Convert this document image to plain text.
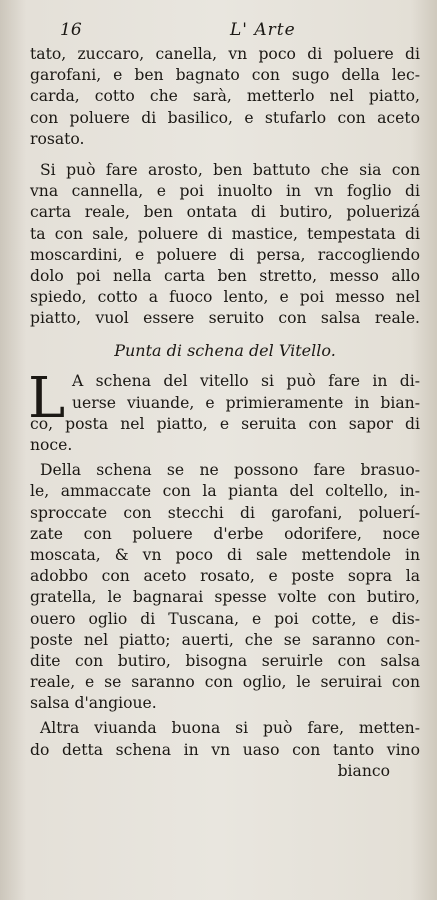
16	L' Arte
tato, zuccaro, canella, vn poco di poluere di
garofani, e ben bagnato con sugo della lec-
carda, cotto che sarà, metterlo nel piatto,
con poluere di basilico, e stufarlo con aceto
rosato.
Si può fare arosto, ben battuto che sia con
vna cannella, e poi inuolto in vn foglio di
carta reale, ben ontata di butiro, poluerizá
ta con sale, poluere di mastice, tempestata di
moscardini, e poluere di persa, raccogliendo
dolo poi nella carta ben stretto, messo allo
spiedo, cotto a fuoco lento, e poi messo nel
piatto, vuol essere seruito con salsa reale.
Punta di schena del Vitello.
L A schena del vitello si può fare in di-
uerse viuande, e primieramente in bian-
co, posta nel piatto, e seruita con sapor di
noce.
Della schena se ne possono fare brasuo-
le, ammaccate con la pianta del coltello, in-
sproccate con stecchi di garofani, poluerí-
zate con poluere d'erbe odorifere, noce
moscata, & vn poco di sale mettendole in
adobbo con aceto rosato, e poste sopra la
gratella, le bagnarai spesse volte con butiro,
ouero oglio di Tuscana, e poi cotte, e dis-
poste nel piatto; auerti, che se saranno con-
dite con butiro, bisogna seruirle con salsa
reale, e se saranno con oglio, le seruirai con
salsa d'angioue.
Altra viuanda buona si può fare, metten-
do detta schena in vn uaso con tanto vino
bianco
